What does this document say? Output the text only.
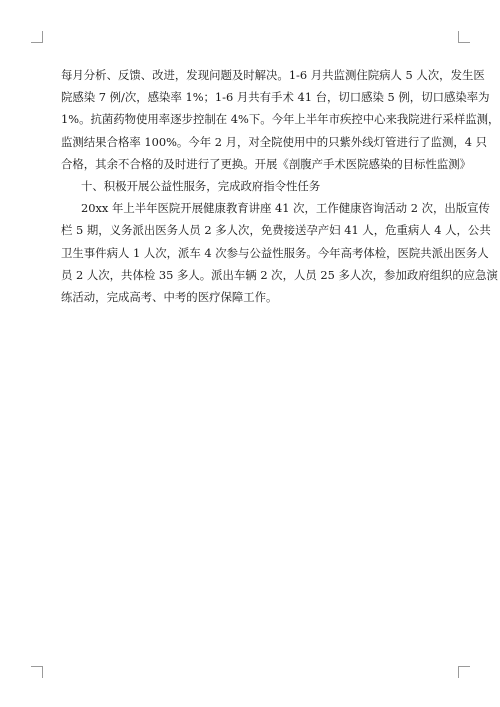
每月分析、反馈、改进，发现问题及时解决。1-6 月共监测住院病人 5 人次，发生医
院感染 7 例/次，感染率 1%；1-6 月共有手术 41 台，切口感染 5 例，切口感染率为
1%。抗菌药物使用率逐步控制在 4%下。今年上半年市疾控中心来我院进行采样监测，
监测结果合格率 100%。今年 2 月，对全院使用中的只紫外线灯管进行了监测，4 只
合格，其余不合格的及时进行了更换。开展《剖腹产手术医院感染的目标性监测》
十、积极开展公益性服务，完成政府指令性任务
20xx 年上半年医院开展健康教育讲座 41 次，工作健康咨询活动 2 次，出版宣传
栏 5 期，义务派出医务人员 2 多人次，免费接送孕产妇 41 人，危重病人 4 人，公共
卫生事件病人 1 人次，派车 4 次参与公益性服务。今年高考体检，医院共派出医务人
员 2 人次，共体检 35 多人。派出车辆 2 次，人员 25 多人次，参加政府组织的应急演
练活动，完成高考、中考的医疗保障工作。
